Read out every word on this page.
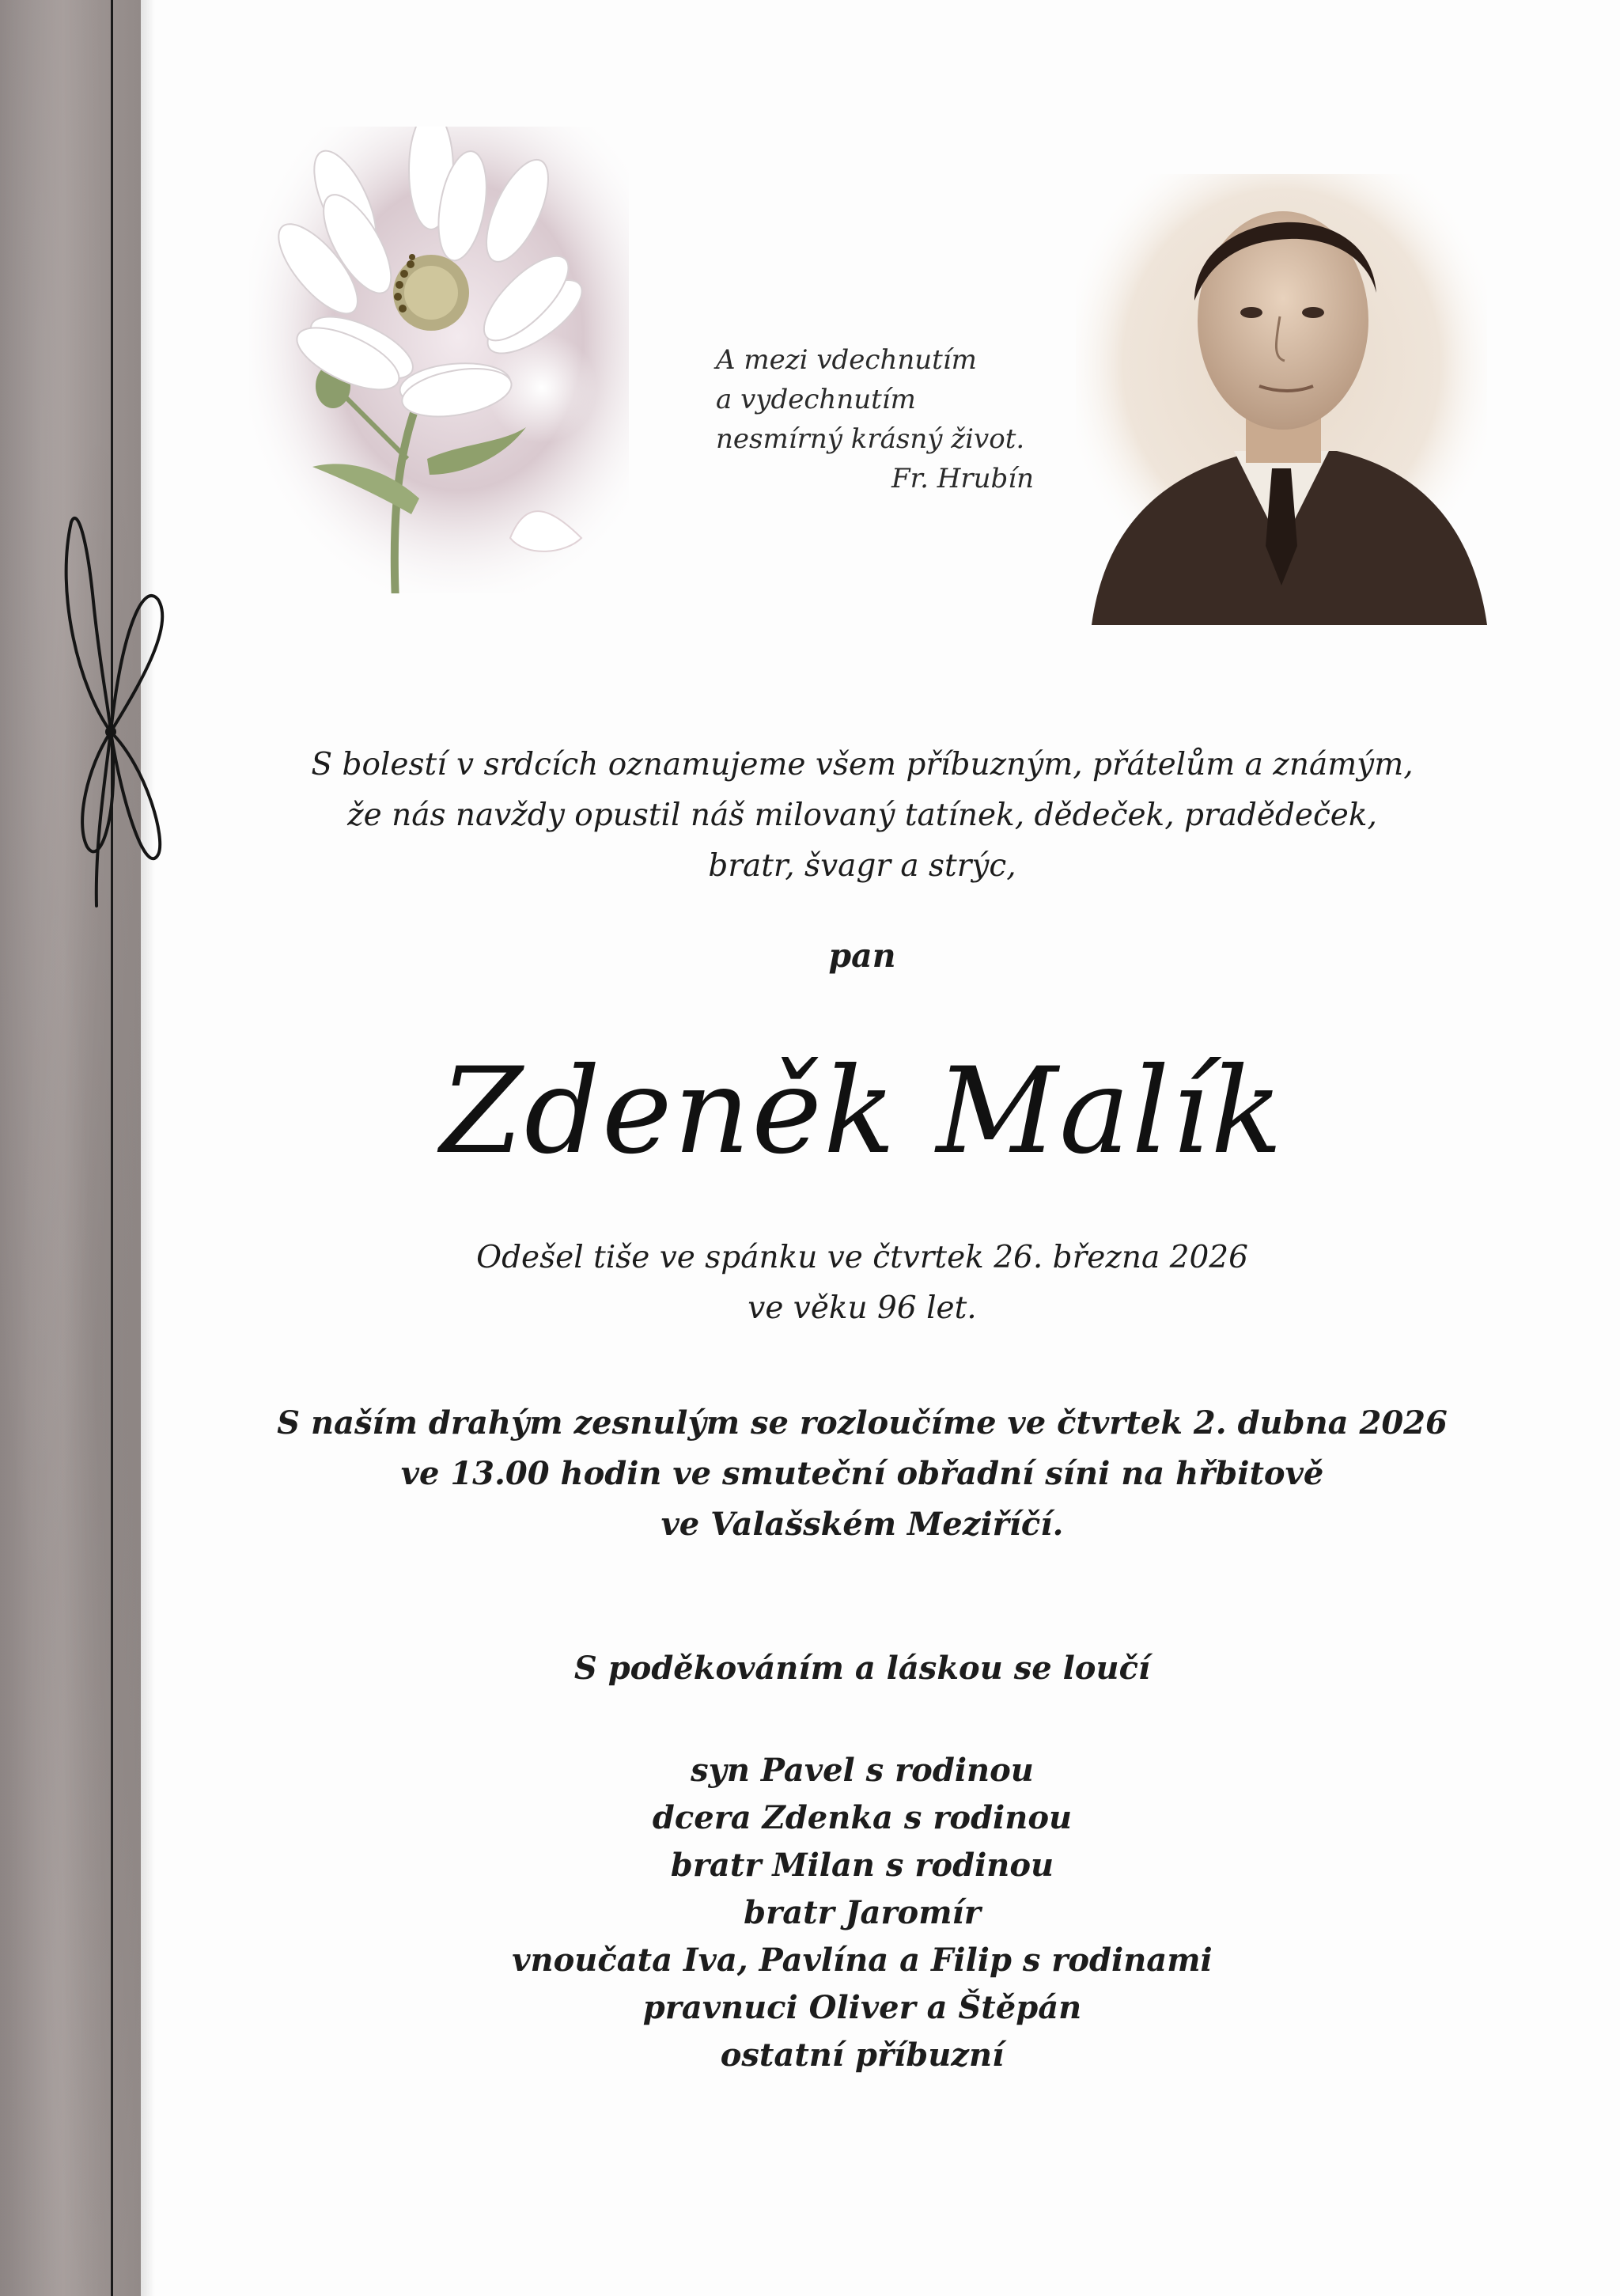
A mezi vdechnutím
a vydechnutím
nesmírný krásný život.
Fr. Hrubín
S bolestí v srdcích oznamujeme všem příbuzným, přátelům a známým,
že nás navždy opustil náš milovaný tatínek, dědeček, pradědeček,
bratr, švagr a strýc,
pan
Zdeněk Malík
Odešel tiše ve spánku ve čtvrtek 26. března 2026
ve věku 96 let.
S naším drahým zesnulým se rozloučíme ve čtvrtek 2. dubna 2026
ve 13.00 hodin ve smuteční obřadní síni na hřbitově
ve Valašském Meziříčí.
S poděkováním a láskou se loučí
syn Pavel s rodinou
dcera Zdenka s rodinou
bratr Milan s rodinou
bratr Jaromír
vnoučata Iva, Pavlína a Filip s rodinami
pravnuci Oliver a Štěpán
ostatní příbuzní
